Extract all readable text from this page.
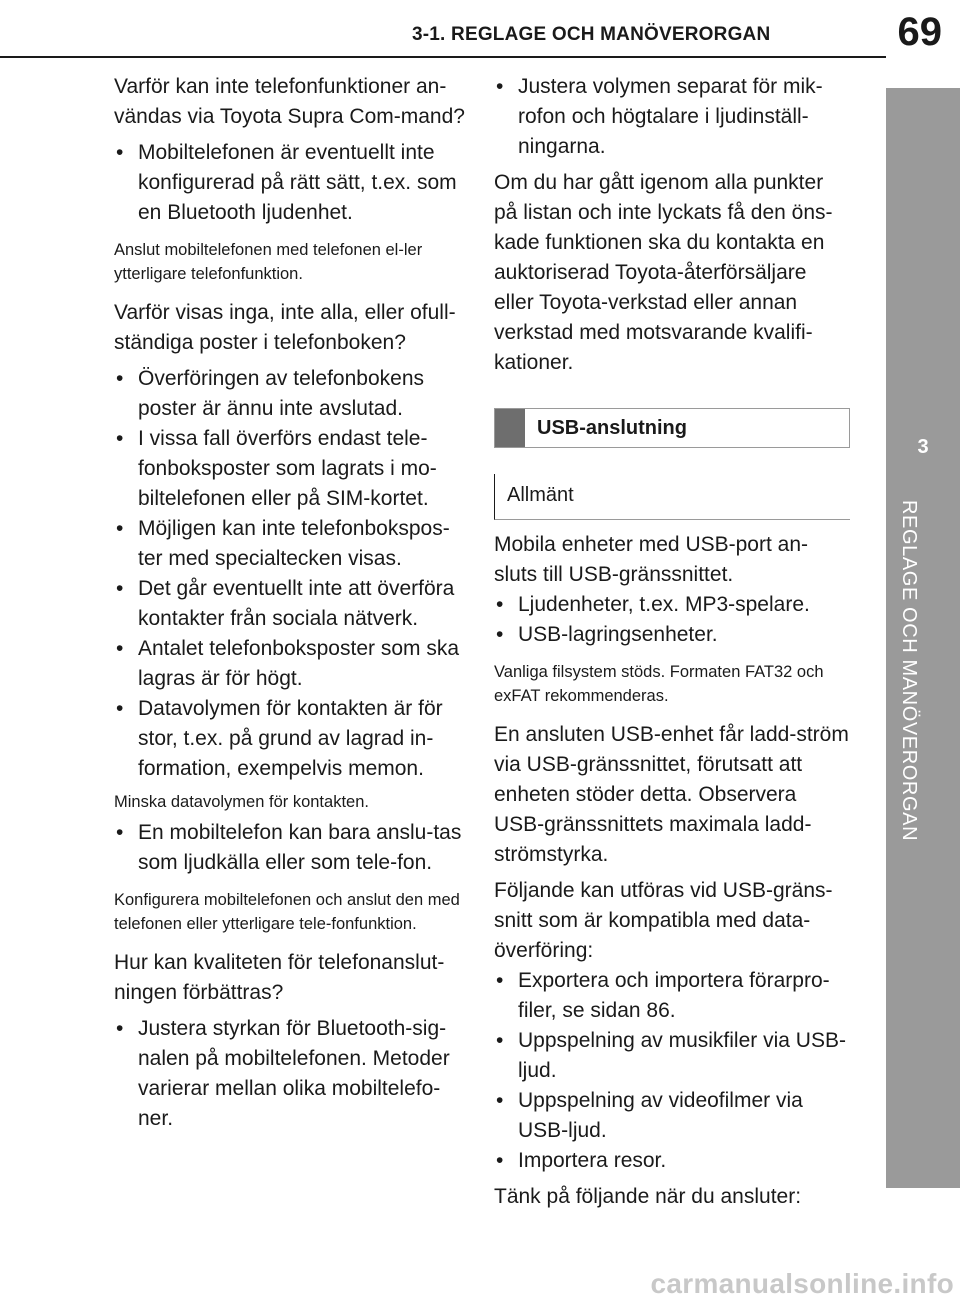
3-1. REGLAGE OCH MANÖVERORGAN	69
3
REGLAGE OCH MANÖVERORGAN

Varför kan inte telefonfunktioner an-vändas via Toyota Supra Com-mand?

• Mobiltelefonen är eventuellt inte konfigurerad på rätt sätt, t.ex. som en Bluetooth ljudenhet.

Anslut mobiltelefonen med telefonen el-ler ytterligare telefonfunktion.

Varför visas inga, inte alla, eller ofull-ständiga poster i telefonboken?

• Överföringen av telefonbokens poster är ännu inte avslutad.
• I vissa fall överförs endast tele-fonboksposter som lagrats i mo-biltelefonen eller på SIM-kortet.
• Möjligen kan inte telefonbokspos-ter med specialtecken visas.
• Det går eventuellt inte att överföra kontakter från sociala nätverk.
• Antalet telefonboksposter som ska lagras är för högt.
• Datavolymen för kontakten är för stor, t.ex. på grund av lagrad in-formation, exempelvis memon.

Minska datavolymen för kontakten.

• En mobiltelefon kan bara anslu-tas som ljudkälla eller som tele-fon.

Konfigurera mobiltelefonen och anslut den med telefonen eller ytterligare tele-fonfunktion.

Hur kan kvaliteten för telefonanslut-ningen förbättras?

• Justera styrkan för Bluetooth-sig-nalen på mobiltelefonen. Metoder varierar mellan olika mobiltelefo-ner.
• Justera volymen separat för mik-rofon och högtalare i ljudinställ-ningarna.

Om du har gått igenom alla punkter på listan och inte lyckats få den öns-kade funktionen ska du kontakta en auktoriserad Toyota-återförsäljare eller Toyota-verkstad eller annan verkstad med motsvarande kvalifi-kationer.

USB-anslutning
Allmänt

Mobila enheter med USB-port an-sluts till USB-gränssnittet.

• Ljudenheter, t.ex. MP3-spelare.
• USB-lagringsenheter.

Vanliga filsystem stöds. Formaten FAT32 och exFAT rekommenderas.

En ansluten USB-enhet får ladd-ström via USB-gränssnittet, förutsatt att enheten stöder detta. Observera USB-gränssnittets maximala ladd-strömstyrka.

Följande kan utföras vid USB-gräns-snitt som är kompatibla med data-överföring:

• Exportera och importera förarpro-filer, se sidan 86.
• Uppspelning av musikfiler via USB-ljud.
• Uppspelning av videofilmer via USB-ljud.
• Importera resor.

Tänk på följande när du ansluter:

carmanualsonline.info
